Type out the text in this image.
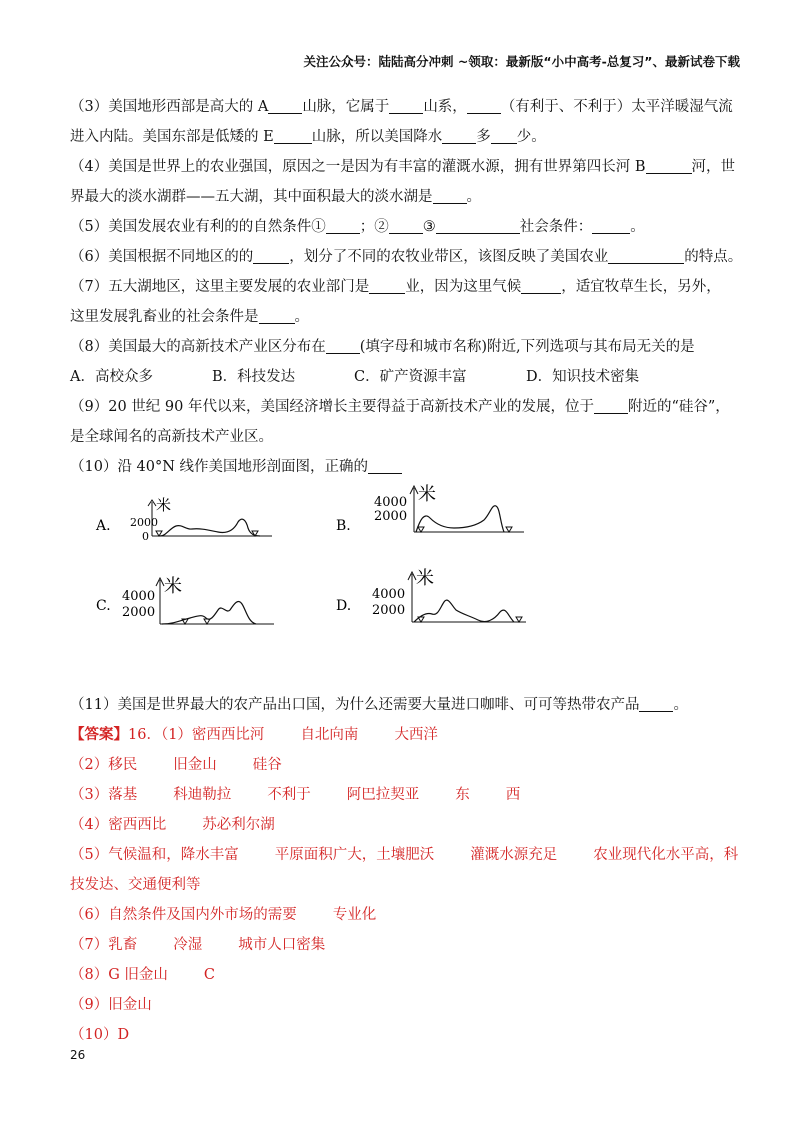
关注公众号：陆陆高分冲刺 ~领取：最新版“小中高考-总复习”、最新试卷下载
（3）美国地形西部是高大的 A 山脉，它属于 山系， （有利于、不利于）太平洋暖湿气流
进入内陆。美国东部是低矮的 E	山脉，所以美国降水 多 少。
（4）美国是世界上的农业强国，原因之一是因为有丰富的灌溉水源，拥有世界第四长河 B	河，世
界最大的淡水湖群——五大湖，其中面积最大的淡水湖是 。
（5）美国发展农业有利的的自然条件① ；② ③	社会条件：	。
（6）美国根据不同地区的的 ，划分了不同的农牧业带区，该图反映了美国农业	的特点。
（7）五大湖地区，这里主要发展的农业部门是 业，因为这里气候	，适宜牧草生长，另外，
这里发展乳畜业的社会条件是 。
（8）美国最大的高新技术产业区分布在 (填字母和城市名称)附近,下列选项与其布局无关的是
A．高校众多	B．科技发达	C．矿产资源丰富	D．知识技术密集
（9）20 世纪 90 年代以来，美国经济增长主要得益于高新技术产业的发展，位于 附近的“硅谷”，
是全球闻名的高新技术产业区。
（10）沿 40°N 线作美国地形剖面图，正确的
A. 2000
0
米
B.
4000
2000
米
C.
4000
2000
米
D.
4000
2000
米
（11）美国是世界最大的农产品出口国，为什么还需要大量进口咖啡、可可等热带农产品 。
【答案】16．（1）密西西比河 自北向南 大西洋
（2）移民 旧金山 硅谷
（3）落基 科迪勒拉 不利于 阿巴拉契亚 东 西
（4）密西西比 苏必利尔湖
（5）气候温和，降水丰富 平原面积广大，土壤肥沃 灌溉水源充足 农业现代化水平高，科
技发达、交通便利等
（6）自然条件及国内外市场的需要 专业化
（7）乳畜 冷湿 城市人口密集
（8）G 旧金山 C
（9）旧金山
（10）D
26
